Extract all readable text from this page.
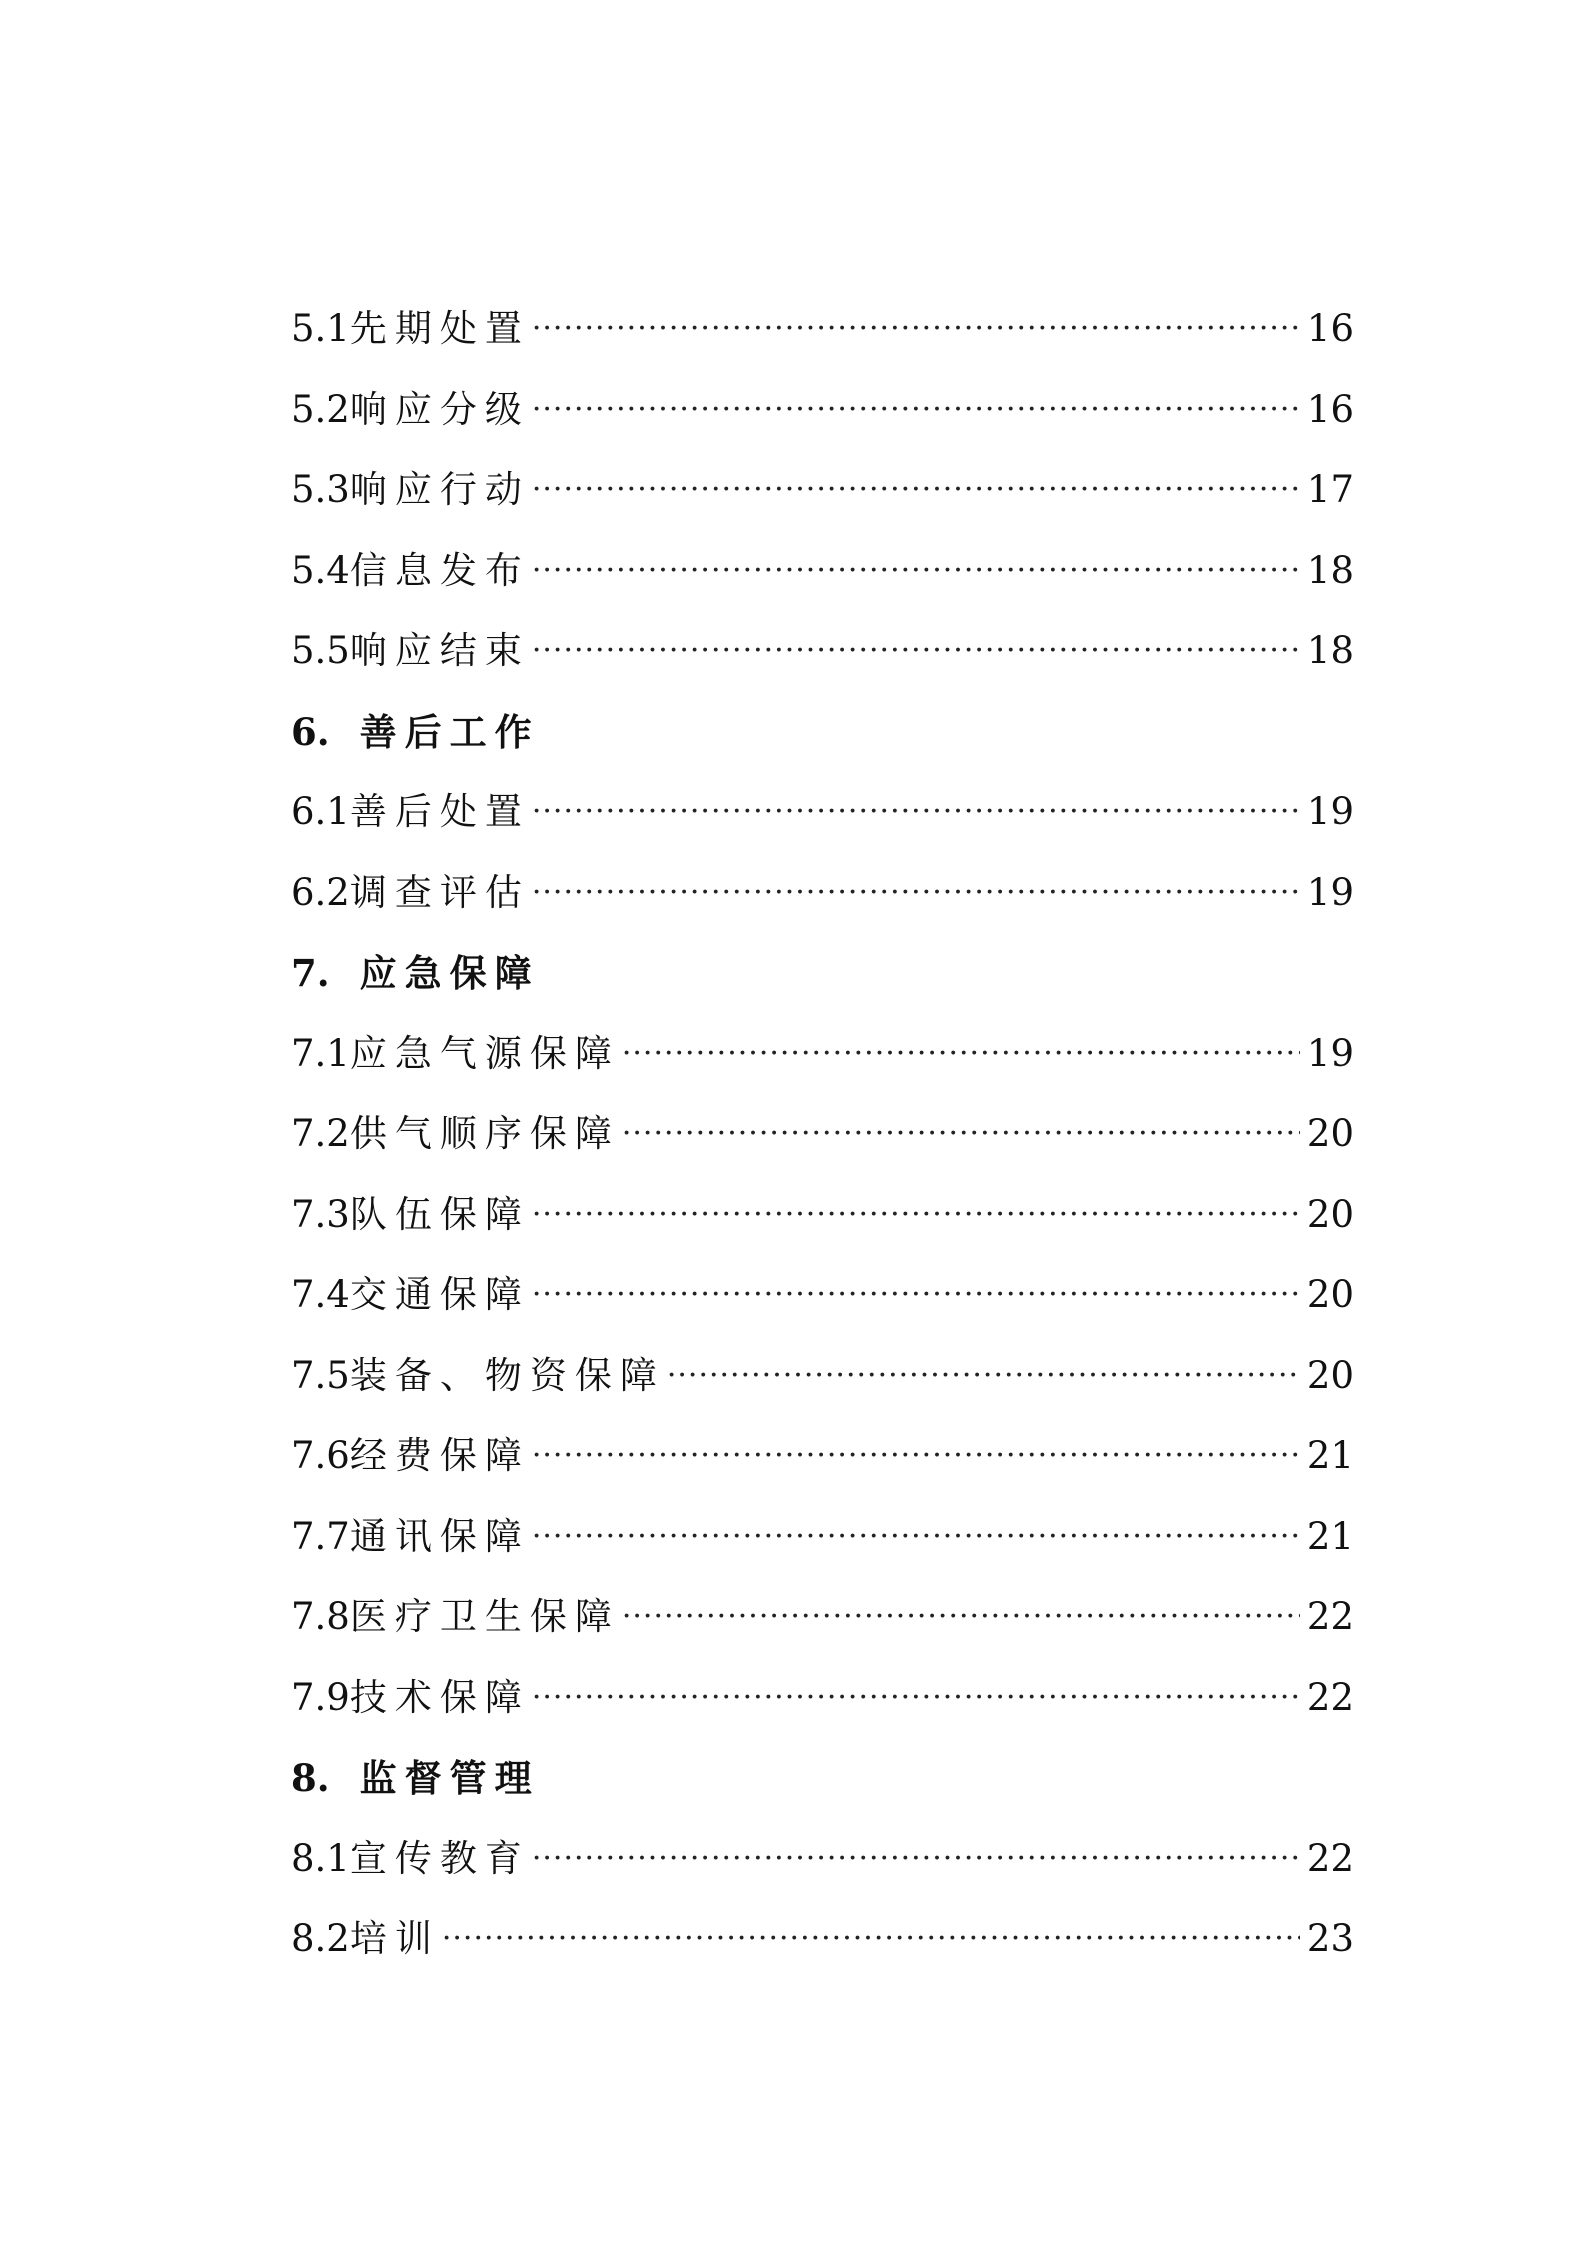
5.1 先期处置 ·····	16
5.2 响应分级 ·····	16
5.3 响应行动 ·····	17
5.4 信息发布 ·····	18
5.5 响应结束 ·····	18
6. 善后工作
6.1 善后处置 ·····	19
6.2 调查评估 ·····	19
7. 应急保障
7.1 应急气源保障 ·····	19
7.2 供气顺序保障 ·····	20
7.3 队伍保障 ·····	20
7.4 交通保障 ·····	20
7.5 装备、物资保障 ·····	20
7.6 经费保障 ·····	21
7.7 通讯保障 ·····	21
7.8 医疗卫生保障 ·····	22
7.9 技术保障 ·····	22
8. 监督管理
8.1 宣传教育 ·····	22
8.2 培训 ·····	23
